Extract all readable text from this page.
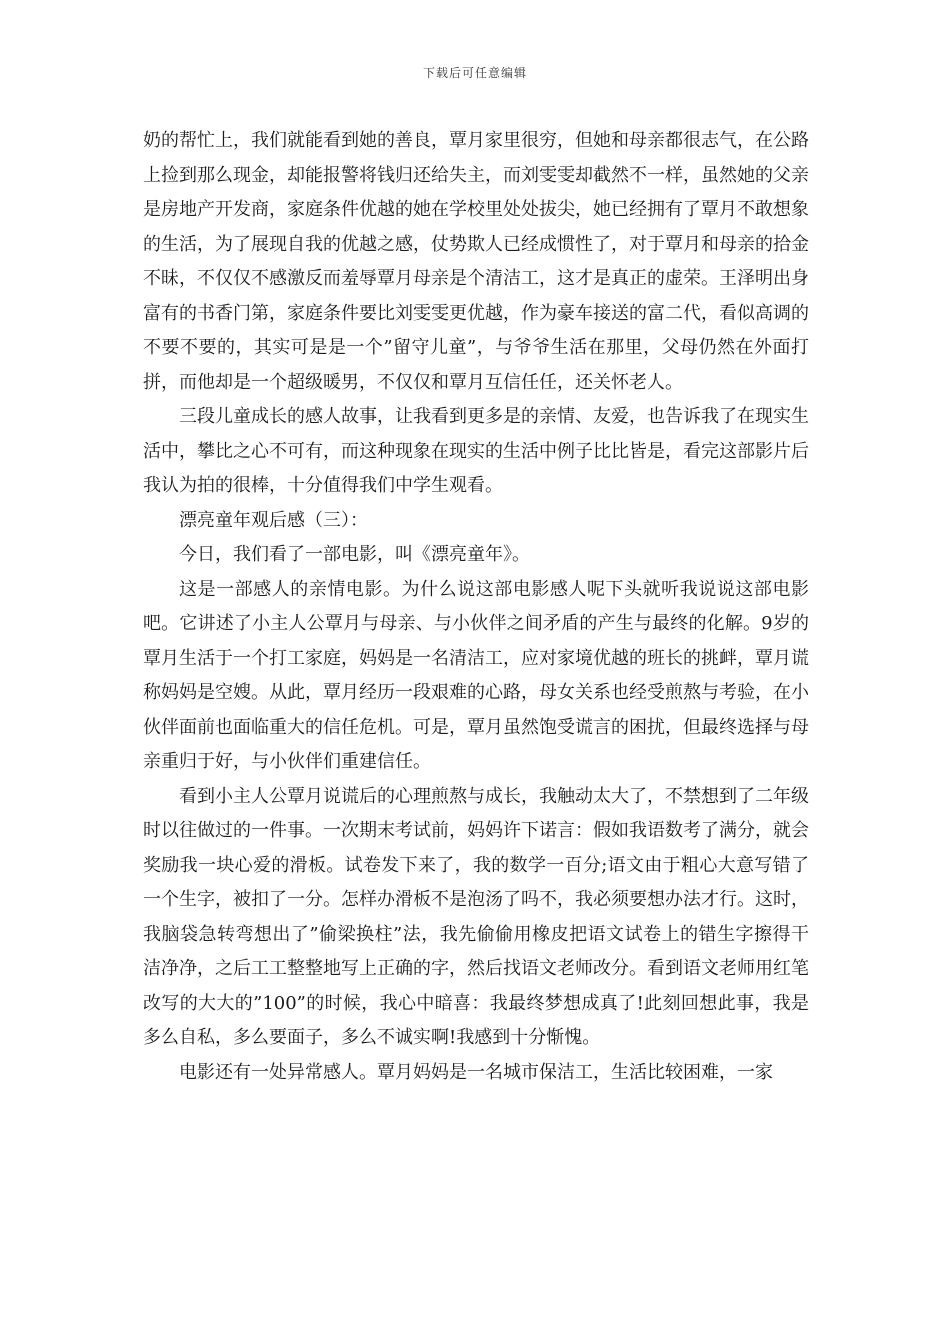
下载后可任意编辑

奶的帮忙上，我们就能看到她的善良，覃月家里很穷，但她和母亲都很志气，在公路上捡到那么现金，却能报警将钱归还给失主，而刘雯雯却截然不一样，虽然她的父亲是房地产开发商，家庭条件优越的她在学校里处处拔尖，她已经拥有了覃月不敢想象的生活，为了展现自我的优越之感，仗势欺人已经成惯性了，对于覃月和母亲的拾金不昧，不仅仅不感激反而羞辱覃月母亲是个清洁工，这才是真正的虚荣。王泽明出身富有的书香门第，家庭条件要比刘雯雯更优越，作为豪车接送的富二代，看似高调的不要不要的，其实可是是一个”留守儿童”，与爷爷生活在那里，父母仍然在外面打拼，而他却是一个超级暖男，不仅仅和覃月互信任任，还关怀老人。

三段儿童成长的感人故事，让我看到更多是的亲情、友爱，也告诉我了在现实生活中，攀比之心不可有，而这种现象在现实的生活中例子比比皆是，看完这部影片后我认为拍的很棒，十分值得我们中学生观看。

漂亮童年观后感（三）：

今日，我们看了一部电影，叫《漂亮童年》。

这是一部感人的亲情电影。为什么说这部电影感人呢下头就听我说说这部电影吧。它讲述了小主人公覃月与母亲、与小伙伴之间矛盾的产生与最终的化解。9岁的覃月生活于一个打工家庭，妈妈是一名清洁工，应对家境优越的班长的挑衅，覃月谎称妈妈是空嫂。从此，覃月经历一段艰难的心路，母女关系也经受煎熬与考验，在小伙伴面前也面临重大的信任危机。可是，覃月虽然饱受谎言的困扰，但最终选择与母亲重归于好，与小伙伴们重建信任。

看到小主人公覃月说谎后的心理煎熬与成长，我触动太大了，不禁想到了二年级时以往做过的一件事。一次期末考试前，妈妈许下诺言：假如我语数考了满分，就会奖励我一块心爱的滑板。试卷发下来了，我的数学一百分;语文由于粗心大意写错了一个生字，被扣了一分。怎样办滑板不是泡汤了吗不，我必须要想办法才行。这时，我脑袋急转弯想出了”偷梁换柱”法，我先偷偷用橡皮把语文试卷上的错生字擦得干洁净净，之后工工整整地写上正确的字，然后找语文老师改分。看到语文老师用红笔改写的大大的”100”的时候，我心中暗喜：我最终梦想成真了!此刻回想此事，我是多么自私，多么要面子，多么不诚实啊!我感到十分惭愧。

电影还有一处异常感人。覃月妈妈是一名城市保洁工，生活比较困难，一家
